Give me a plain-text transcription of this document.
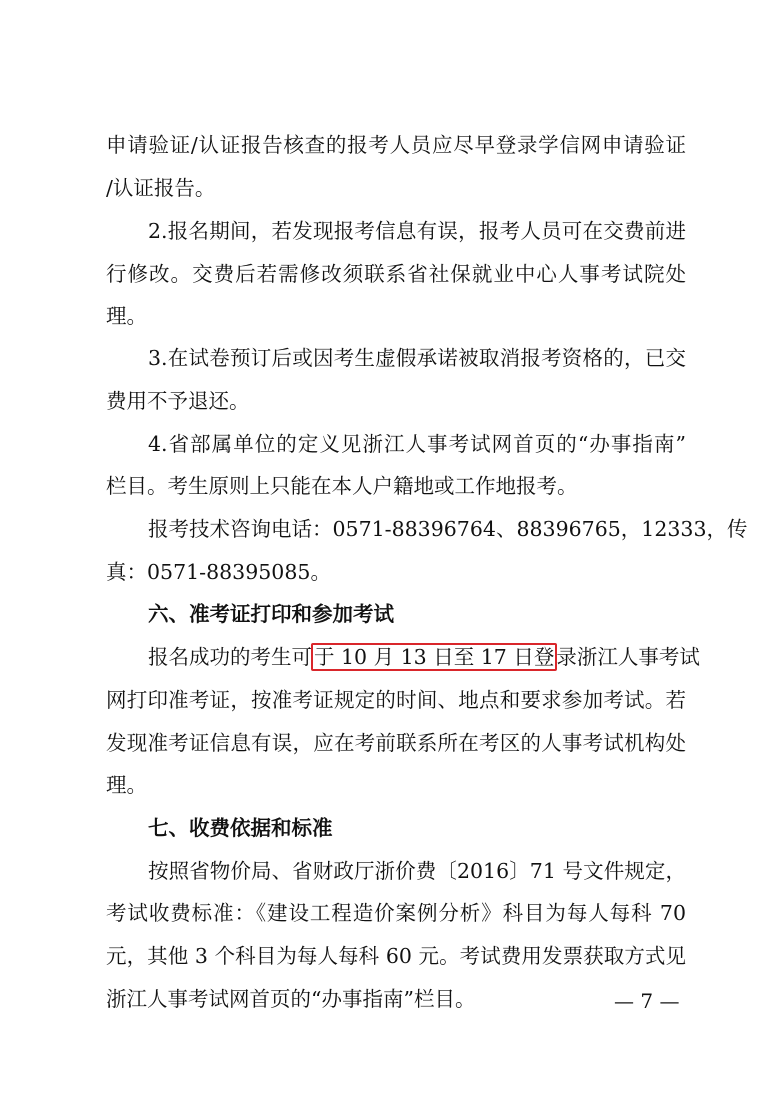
申请验证/认证报告核查的报考人员应尽早登录学信网申请验证
/认证报告。
2.报名期间，若发现报考信息有误，报考人员可在交费前进
行修改。交费后若需修改须联系省社保就业中心人事考试院处
理。
3.在试卷预订后或因考生虚假承诺被取消报考资格的，已交
费用不予退还。
4.省部属单位的定义见浙江人事考试网首页的“办事指南”
栏目。考生原则上只能在本人户籍地或工作地报考。
报考技术咨询电话：0571-88396764、88396765，12333，传
真：0571-88395085。
六、准考证打印和参加考试
报名成功的考生可于 10 月 13 日至 17 日登录浙江人事考试
网打印准考证，按准考证规定的时间、地点和要求参加考试。若
发现准考证信息有误，应在考前联系所在考区的人事考试机构处
理。
七、收费依据和标准
按照省物价局、省财政厅浙价费〔2016〕71 号文件规定，
考试收费标准：《建设工程造价案例分析》科目为每人每科 70
元，其他 3 个科目为每人每科 60 元。考试费用发票获取方式见
浙江人事考试网首页的“办事指南”栏目。	— 7 —
